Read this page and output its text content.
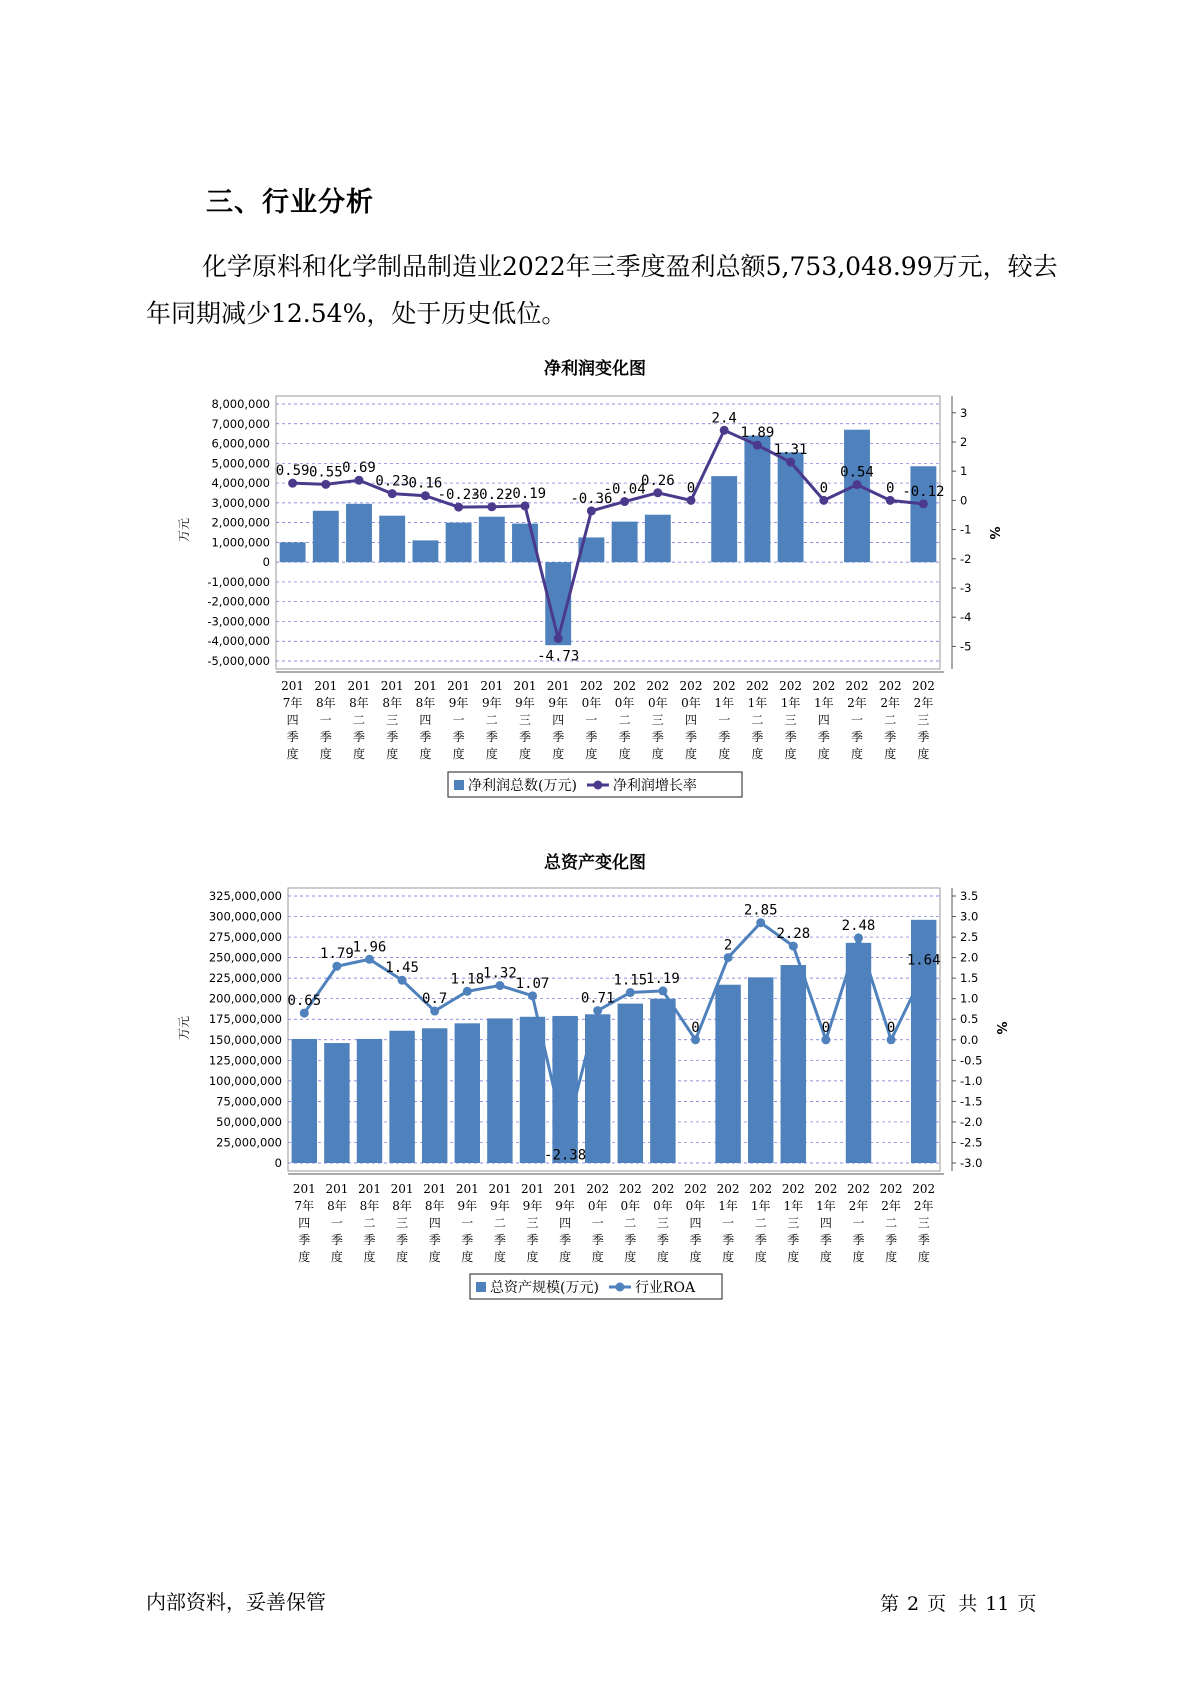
三、行业分析
化学原料和化学制品制造业2022年三季度盈利总额5,753,048.99万元，较去年同期减少12.54%，处于历史低位。
净利润变化图
8,000,000
7,000,000
6,000,000
5,000,000
4,000,000
3,000,000
2,000,000
1,000,000
0
-1,000,000
-2,000,000
-3,000,000
-4,000,000
-5,000,000
3
2
1
0
-1
-2
-3
-4
-5
万元	%
0.59 0.55 0.69
0.23 0.16
-0.23
-0.22
-0.19
-4.73
-0.36
-0.04
0.26 0
2.4
1.89
1.31
0
0.54
0 -0.12
201 7年四季度
201 8年一季度
201 8年二季度
201 8年三季度
201 8年四季度
201 9年一季度
201 9年二季度
201 9年三季度
201 9年四季度
202 0年一季度
202 0年二季度
202 0年三季度
202 0年四季度
202 1年一季度
202 1年二季度
202 1年三季度
202 1年四季度
202 2年一季度
202 2年二季度
202 2年三季度
净利润总数(万元)	净利润增长率
总资产变化图
325,000,000
300,000,000
275,000,000
250,000,000
225,000,000
200,000,000
175,000,000
150,000,000
125,000,000
100,000,000
75,000,000
50,000,000
25,000,000
0
3.5
3.0
2.5
2.0
1.5
1.0
0.5
0.0
-0.5
-1.0
-1.5
-2.0
-2.5
-3.0
万元	%
0.65
1.79
1.96
1.45
0.7
1.18
1.32
1.07
-2.38
0.71
1.15
1.19
0
2
2.85
2.28
0
2.48
0
1.64
201 7年四季度
201 8年一季度
201 8年二季度
201 8年三季度
201 8年四季度
201 9年一季度
201 9年二季度
201 9年三季度
201 9年四季度
202 0年一季度
202 0年二季度
202 0年三季度
202 0年四季度
202 1年一季度
202 1年二季度
202 1年三季度
202 1年四季度
202 2年一季度
202 2年二季度
202 2年三季度
总资产规模(万元)	行业ROA
内部资料，妥善保管	第 2 页  共 11 页
